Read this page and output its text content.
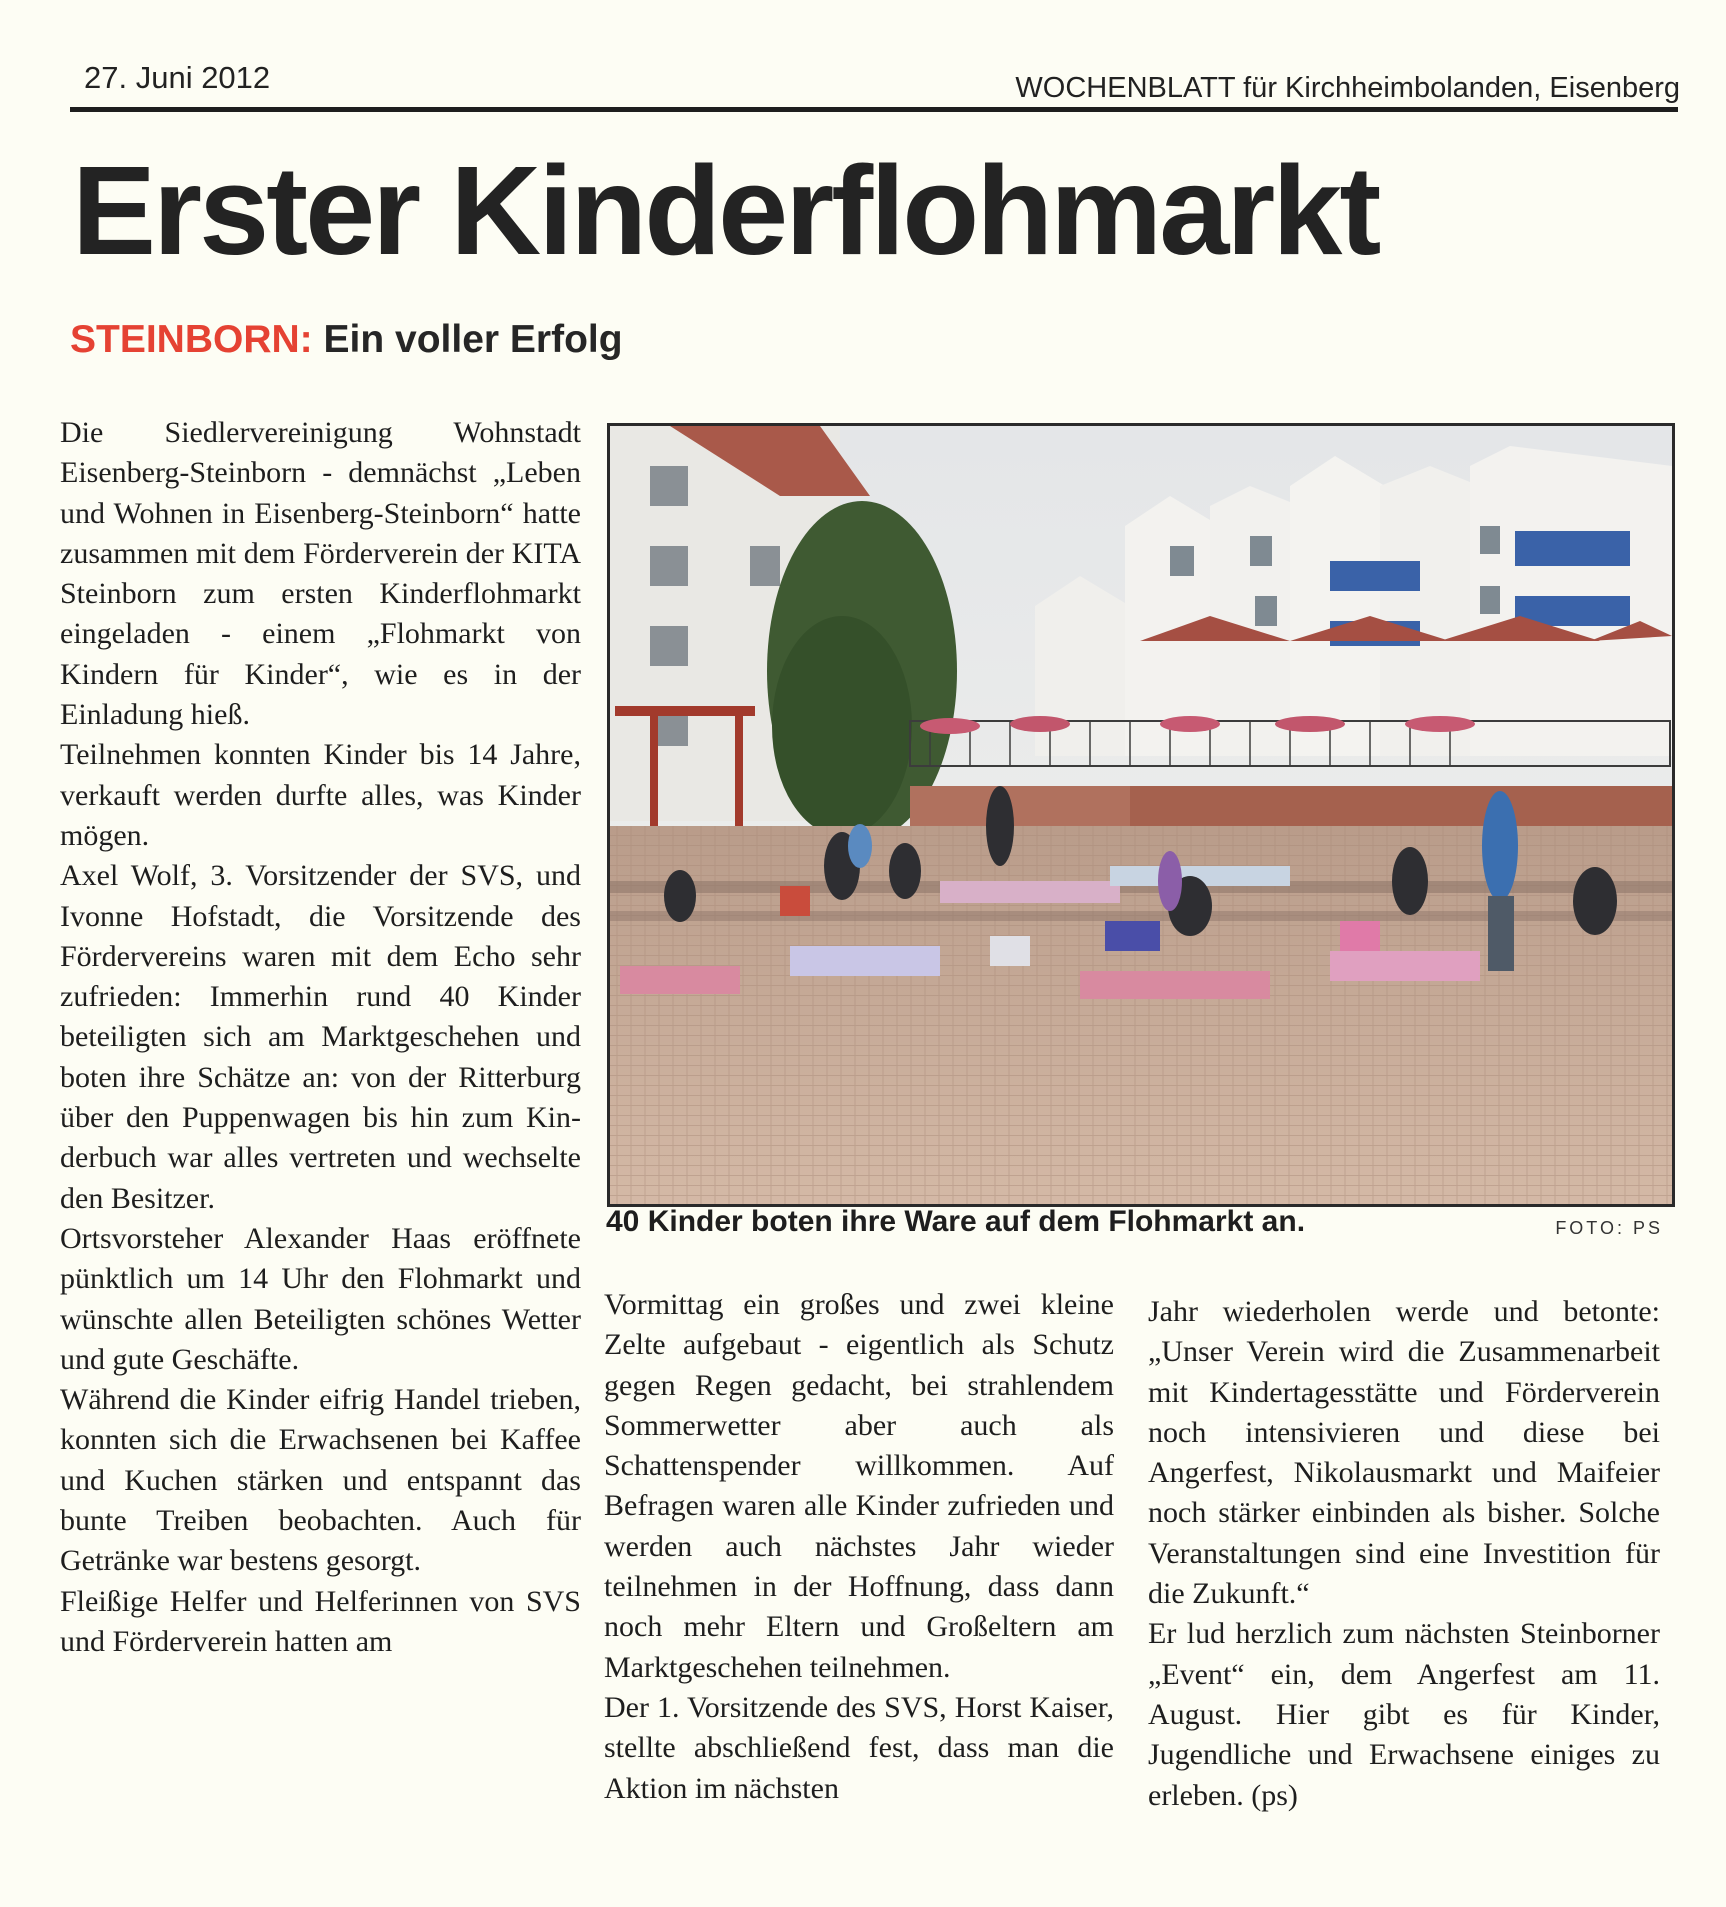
27. Juni 2012	WOCHENBLATT für Kirchheimbolanden, Eisenberg
Erster Kinderflohmarkt
STEINBORN: Ein voller Erfolg

Die Siedlervereinigung Wohnstadt Eisenberg-Steinborn - demnächst „Leben und Wohnen in Eisenberg-Steinborn“ hatte zusammen mit dem Förderverein der KITA Steinborn zum ersten Kinderflohmarkt eingeladen - einem „Flohmarkt von Kindern für Kinder“, wie es in der Einladung hieß.

Teilnehmen konnten Kinder bis 14 Jahre, verkauft werden durfte alles, was Kinder mögen.

Axel Wolf, 3. Vorsitzender der SVS, und Ivonne Hofstadt, die Vorsitzende des Fördervereins waren mit dem Echo sehr zufrieden: Immerhin rund 40 Kinder beteiligten sich am Marktgeschehen und boten ihre Schätze an: von der Ritterburg über den Puppenwagen bis hin zum Kinderbuch war alles vertreten und wechselte den Besitzer.

Ortsvorsteher Alexander Haas eröffnete pünktlich um 14 Uhr den Flohmarkt und wünschte allen Beteiligten schönes Wetter und gute Geschäfte.

Während die Kinder eifrig Handel trieben, konnten sich die Erwachsenen bei Kaffee und Kuchen stärken und entspannt das bunte Treiben beobachten. Auch für Getränke war bestens gesorgt.

Fleißige Helfer und Helferinnen von SVS und Förderverein hatten am

40 Kinder boten ihre Ware auf dem Flohmarkt an.	FOTO: PS

Vormittag ein großes und zwei kleine Zelte aufgebaut - eigentlich als Schutz gegen Regen gedacht, bei strahlendem Sommerwetter aber auch als Schattenspender willkommen. Auf Befragen waren alle Kinder zufrieden und werden auch nächstes Jahr wieder teilnehmen in der Hoffnung, dass dann noch mehr Eltern und Großeltern am Marktgeschehen teilnehmen.

Der 1. Vorsitzende des SVS, Horst Kaiser, stellte abschließend fest, dass man die Aktion im nächsten

Jahr wiederholen werde und betonte: „Unser Verein wird die Zusammenarbeit mit Kindertagesstätte und Förderverein noch intensivieren und diese bei Angerfest, Nikolausmarkt und Maifeier noch stärker einbinden als bisher. Solche Veranstaltungen sind eine Investition für die Zukunft.“

Er lud herzlich zum nächsten Steinborner „Event“ ein, dem Angerfest am 11. August. Hier gibt es für Kinder, Jugendliche und Erwachsene einiges zu erleben. (ps)
